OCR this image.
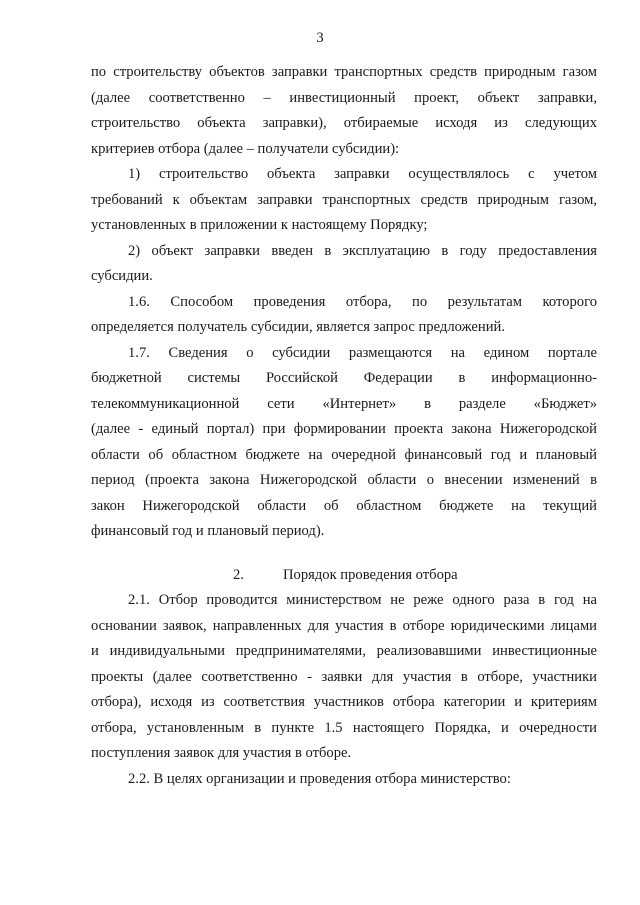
3
по строительству объектов заправки транспортных средств природным газом
(далее соответственно – инвестиционный проект, объект заправки,
строительство объекта заправки), отбираемые исходя из следующих
критериев отбора (далее – получатели субсидии):
1) строительство объекта заправки осуществлялось с учетом
требований к объектам заправки транспортных средств природным газом,
установленных в приложении к настоящему Порядку;
2) объект заправки введен в эксплуатацию в году предоставления
субсидии.
1.6. Способом проведения отбора, по результатам которого
определяется получатель субсидии, является запрос предложений.
1.7. Сведения о субсидии размещаются на едином портале
бюджетной системы Российской Федерации в информационно-
телекоммуникационной сети «Интернет» в разделе «Бюджет»
(далее - единый портал) при формировании проекта закона Нижегородской
области об областном бюджете на очередной финансовый год и плановый
период (проекта закона Нижегородской области о внесении изменений в
закон Нижегородской области об областном бюджете на текущий
финансовый год и плановый период).
2.	Порядок проведения отбора
2.1. Отбор проводится министерством не реже одного раза в год на
основании заявок, направленных для участия в отборе юридическими лицами
и индивидуальными предпринимателями, реализовавшими инвестиционные
проекты (далее соответственно - заявки для участия в отборе, участники
отбора), исходя из соответствия участников отбора категории и критериям
отбора, установленным в пункте 1.5 настоящего Порядка, и очередности
поступления заявок для участия в отборе.
2.2. В целях организации и проведения отбора министерство:
